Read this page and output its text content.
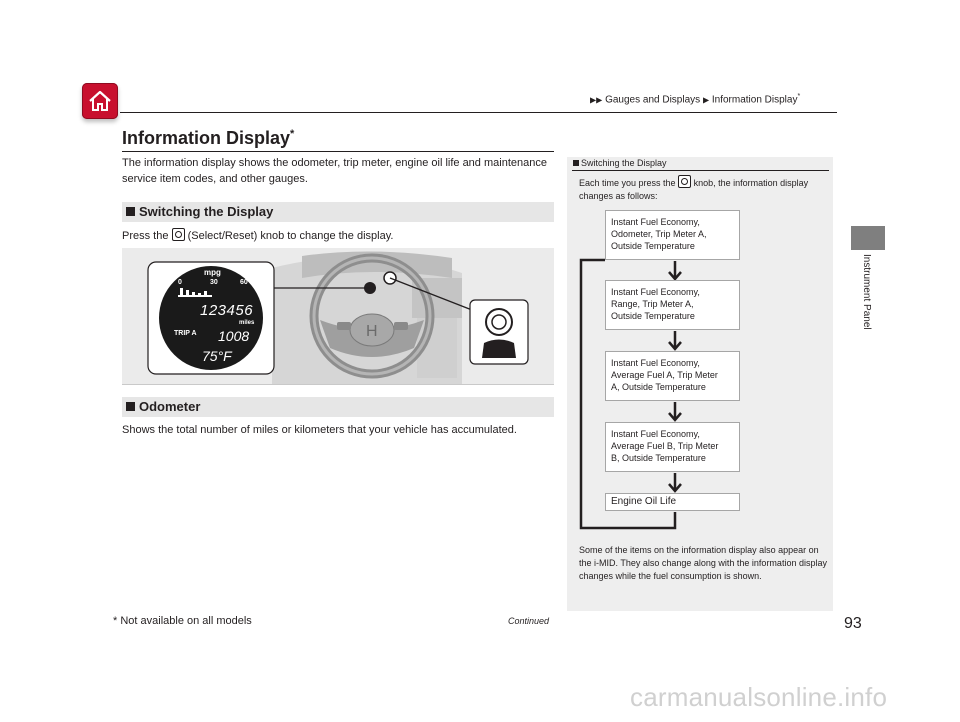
▶▶ Gauges and Displays ▶ Information Display*
Information Display*
The information display shows the odometer, trip meter, engine oil life and maintenance service item codes, and other gauges.
Switching the Display
Press the (Select/Reset) knob to change the display.
H
mpg
0	30	60
123456
miles
TRIP A 1008
75°F
Odometer
Shows the total number of miles or kilometers that your vehicle has accumulated.
Instrument Panel
Switching the Display
Each time you press the knob, the information display changes as follows:
Instant Fuel Economy,
Odometer, Trip Meter A,
Outside Temperature
Instant Fuel Economy,
Range, Trip Meter A,
Outside Temperature
Instant Fuel Economy,
Average Fuel A, Trip Meter
A, Outside Temperature
Instant Fuel Economy,
Average Fuel B, Trip Meter
B, Outside Temperature
Engine Oil Life
Some of the items on the information display also appear on the i-MID. They also change along with the information display changes while the fuel consumption is shown.
* Not available on all models	Continued	93
carmanualsonline.info
